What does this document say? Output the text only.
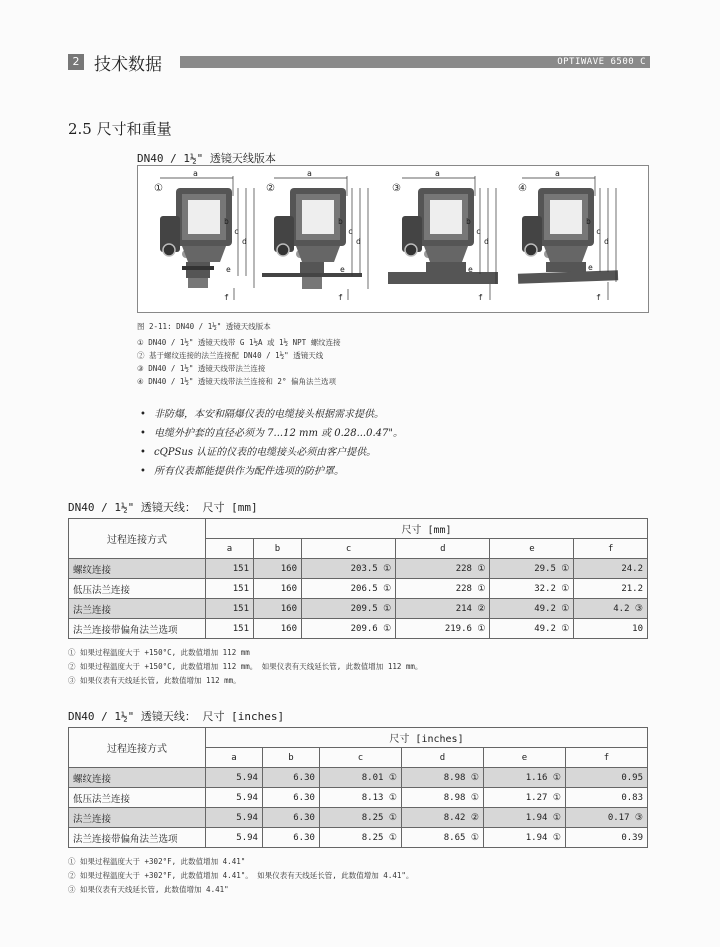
2 技术数据	OPTIWAVE 6500 C
2.5 尺寸和重量
DN40 / 1½" 透镜天线版本
①	②	③	④
a
b
c
d
e
f
a
b
c
d
e
f
a
b
c
d
e
f
a
b
c
d
e
f
图 2-11: DN40 / 1½" 透镜天线版本
① DN40 / 1½" 透镜天线带 G 1½A 或 1½ NPT 螺纹连接
② 基于螺纹连接的法兰连接配 DN40 / 1½" 透镜天线
③ DN40 / 1½" 透镜天线带法兰连接
④ DN40 / 1½" 透镜天线带法兰连接和 2° 偏角法兰选项
• 非防爆，本安和隔爆仪表的电缆接头根据需求提供。
• 电缆外护套的直径必须为 7...12 mm 或 0.28...0.47"。
• cQPSus 认证的仪表的电缆接头必须由客户提供。
• 所有仪表都能提供作为配件选项的防护罩。
DN40 / 1½" 透镜天线： 尺寸 [mm]
过程连接方式	尺寸 [mm]					
	a	b	c	d	e	f
螺纹连接	151	160	203.5 ①	228 ①	29.5 ①	24.2
低压法兰连接	151	160	206.5 ①	228 ①	32.2 ①	21.2
法兰连接	151	160	209.5 ①	214 ②	49.2 ①	4.2 ③
法兰连接带偏角法兰选项	151	160	209.6 ①	219.6 ①	49.2 ①	10
① 如果过程温度大于 +150°C, 此数值增加 112 mm
② 如果过程温度大于 +150°C, 此数值增加 112 mm。 如果仪表有天线延长管, 此数值增加 112 mm。
③ 如果仪表有天线延长管, 此数值增加 112 mm。
DN40 / 1½" 透镜天线： 尺寸 [inches]
过程连接方式	尺寸 [inches]					
	a	b	c	d	e	f
螺纹连接	5.94	6.30	8.01 ①	8.98 ①	1.16 ①	0.95
低压法兰连接	5.94	6.30	8.13 ①	8.98 ①	1.27 ①	0.83
法兰连接	5.94	6.30	8.25 ①	8.42 ②	1.94 ①	0.17 ③
法兰连接带偏角法兰选项	5.94	6.30	8.25 ①	8.65 ①	1.94 ①	0.39
① 如果过程温度大于 +302°F, 此数值增加 4.41"
② 如果过程温度大于 +302°F, 此数值增加 4.41"。 如果仪表有天线延长管, 此数值增加 4.41"。
③ 如果仪表有天线延长管, 此数值增加 4.41"
